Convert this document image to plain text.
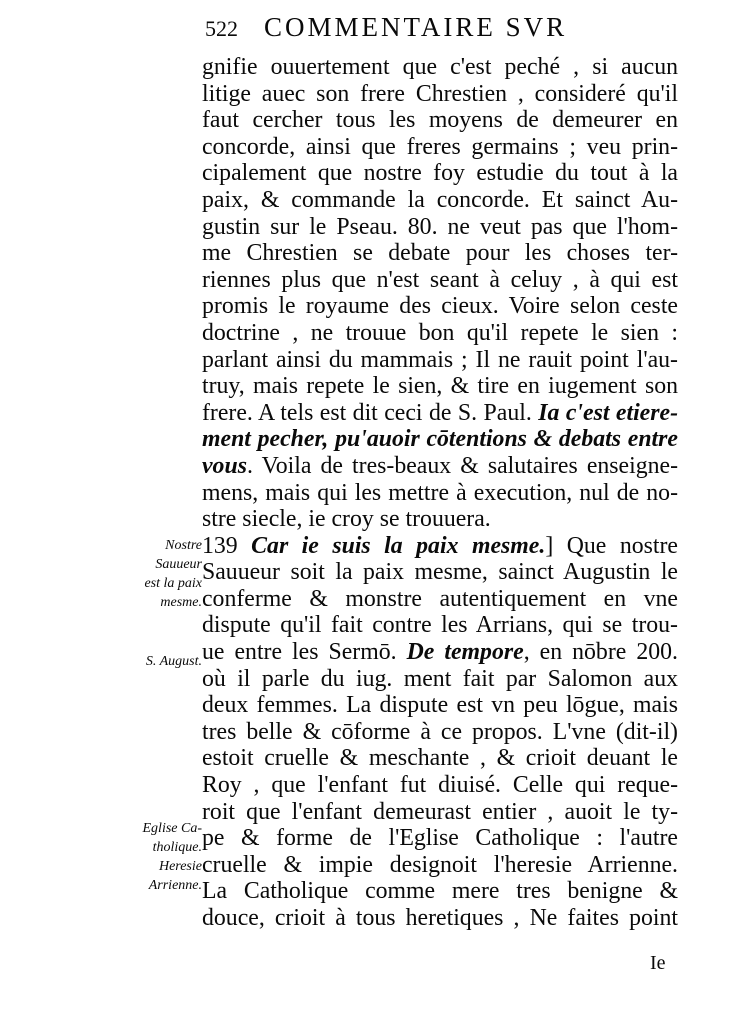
522 COMMENTAIRE SVR
gnifie ouuertement que c'est peché , si aucun
litige auec son frere Chrestien , consideré qu'il
faut cercher tous les moyens de demeurer en
concorde, ainsi que freres germains ; veu prin-
cipalement que nostre foy estudie du tout à la
paix, & commande la concorde. Et sainct Au-
gustin sur le Pseau. 80. ne veut pas que l'hom-
me Chrestien se debate pour les choses ter-
riennes plus que n'est seant à celuy , à qui est
promis le royaume des cieux. Voire selon ceste
doctrine , ne trouue bon qu'il repete le sien :
parlant ainsi du mammais ; Il ne rauit point l'au-
truy, mais repete le sien, & tire en iugement son
frere. A tels est dit ceci de S. Paul. Ia c'est etiere-
ment pecher, pu'auoir cōtentions & debats entre
vous. Voila de tres-beaux & salutaires enseigne-
mens, mais qui les mettre à execution, nul de no-
stre siecle, ie croy se trouuera.
139 Car ie suis la paix mesme.] Que nostre
Sauueur soit la paix mesme, sainct Augustin le
conferme & monstre autentiquement en vne
dispute qu'il fait contre les Arrians, qui se trou-
ue entre les Sermō. De tempore, en nōbre 200.
où il parle du iug. ment fait par Salomon aux
deux femmes. La dispute est vn peu lōgue, mais
tres belle & cōforme à ce propos. L'vne (dit-il)
estoit cruelle & meschante , & crioit deuant le
Roy , que l'enfant fut diuisé. Celle qui reque-
roit que l'enfant demeurast entier , auoit le ty-
pe & forme de l'Eglise Catholique : l'autre
cruelle & impie designoit l'heresie Arrienne.
La Catholique comme mere tres benigne &
douce, crioit à tous heretiques , Ne faites point
Nostre
Sauueur
est la paix
mesme.
S. August.
Eglise Ca-
tholique.
Heresie
Arrienne.
Ie
